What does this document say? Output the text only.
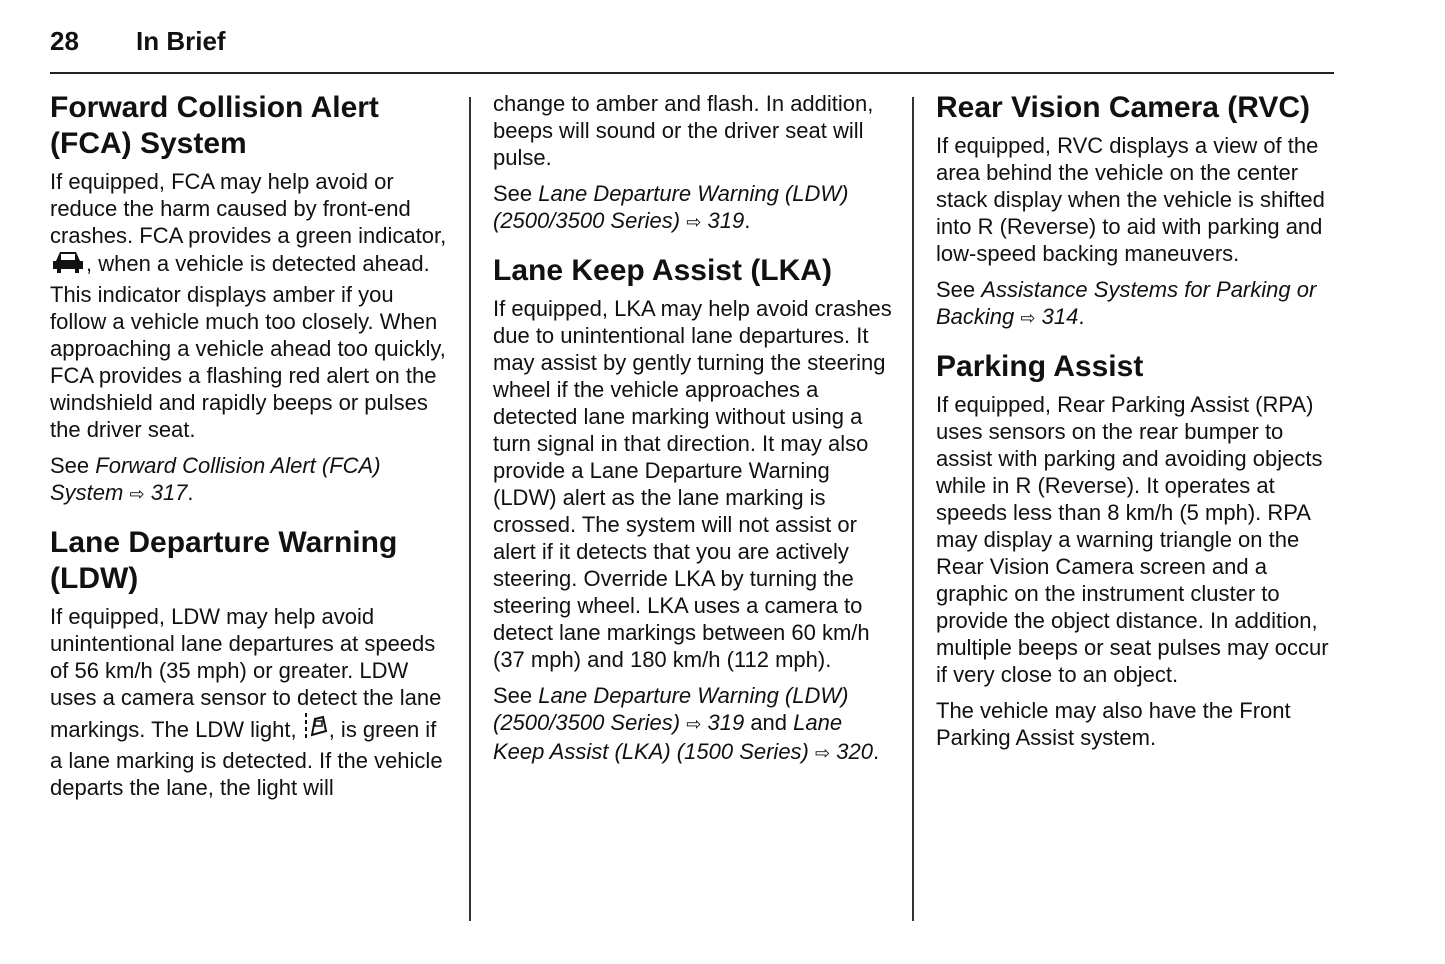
28 In Brief
Forward Collision Alert (FCA) System

If equipped, FCA may help avoid or reduce the harm caused by front-end crashes. FCA provides a green indicator, , when a vehicle is detected ahead. This indicator displays amber if you follow a vehicle much too closely. When approaching a vehicle ahead too quickly, FCA provides a flashing red alert on the windshield and rapidly beeps or pulses the driver seat.

See Forward Collision Alert (FCA) System ⇨ 317.

Lane Departure Warning (LDW)

If equipped, LDW may help avoid unintentional lane departures at speeds of 56 km/h (35 mph) or greater. LDW uses a camera sensor to detect the lane markings. The LDW light, , is green if a lane marking is detected. If the vehicle departs the lane, the light will

change to amber and flash. In addition, beeps will sound or the driver seat will pulse.

See Lane Departure Warning (LDW) (2500/3500 Series) ⇨ 319.

Lane Keep Assist (LKA)

If equipped, LKA may help avoid crashes due to unintentional lane departures. It may assist by gently turning the steering wheel if the vehicle approaches a detected lane marking without using a turn signal in that direction. It may also provide a Lane Departure Warning (LDW) alert as the lane marking is crossed. The system will not assist or alert if it detects that you are actively steering. Override LKA by turning the steering wheel. LKA uses a camera to detect lane markings between 60 km/h (37 mph) and 180 km/h (112 mph).

See Lane Departure Warning (LDW) (2500/3500 Series) ⇨ 319 and Lane Keep Assist (LKA) (1500 Series) ⇨ 320.

Rear Vision Camera (RVC)

If equipped, RVC displays a view of the area behind the vehicle on the center stack display when the vehicle is shifted into R (Reverse) to aid with parking and low-speed backing maneuvers.

See Assistance Systems for Parking or Backing ⇨ 314.

Parking Assist

If equipped, Rear Parking Assist (RPA) uses sensors on the rear bumper to assist with parking and avoiding objects while in R (Reverse). It operates at speeds less than 8 km/h (5 mph). RPA may display a warning triangle on the Rear Vision Camera screen and a graphic on the instrument cluster to provide the object distance. In addition, multiple beeps or seat pulses may occur if very close to an object.

The vehicle may also have the Front Parking Assist system.
